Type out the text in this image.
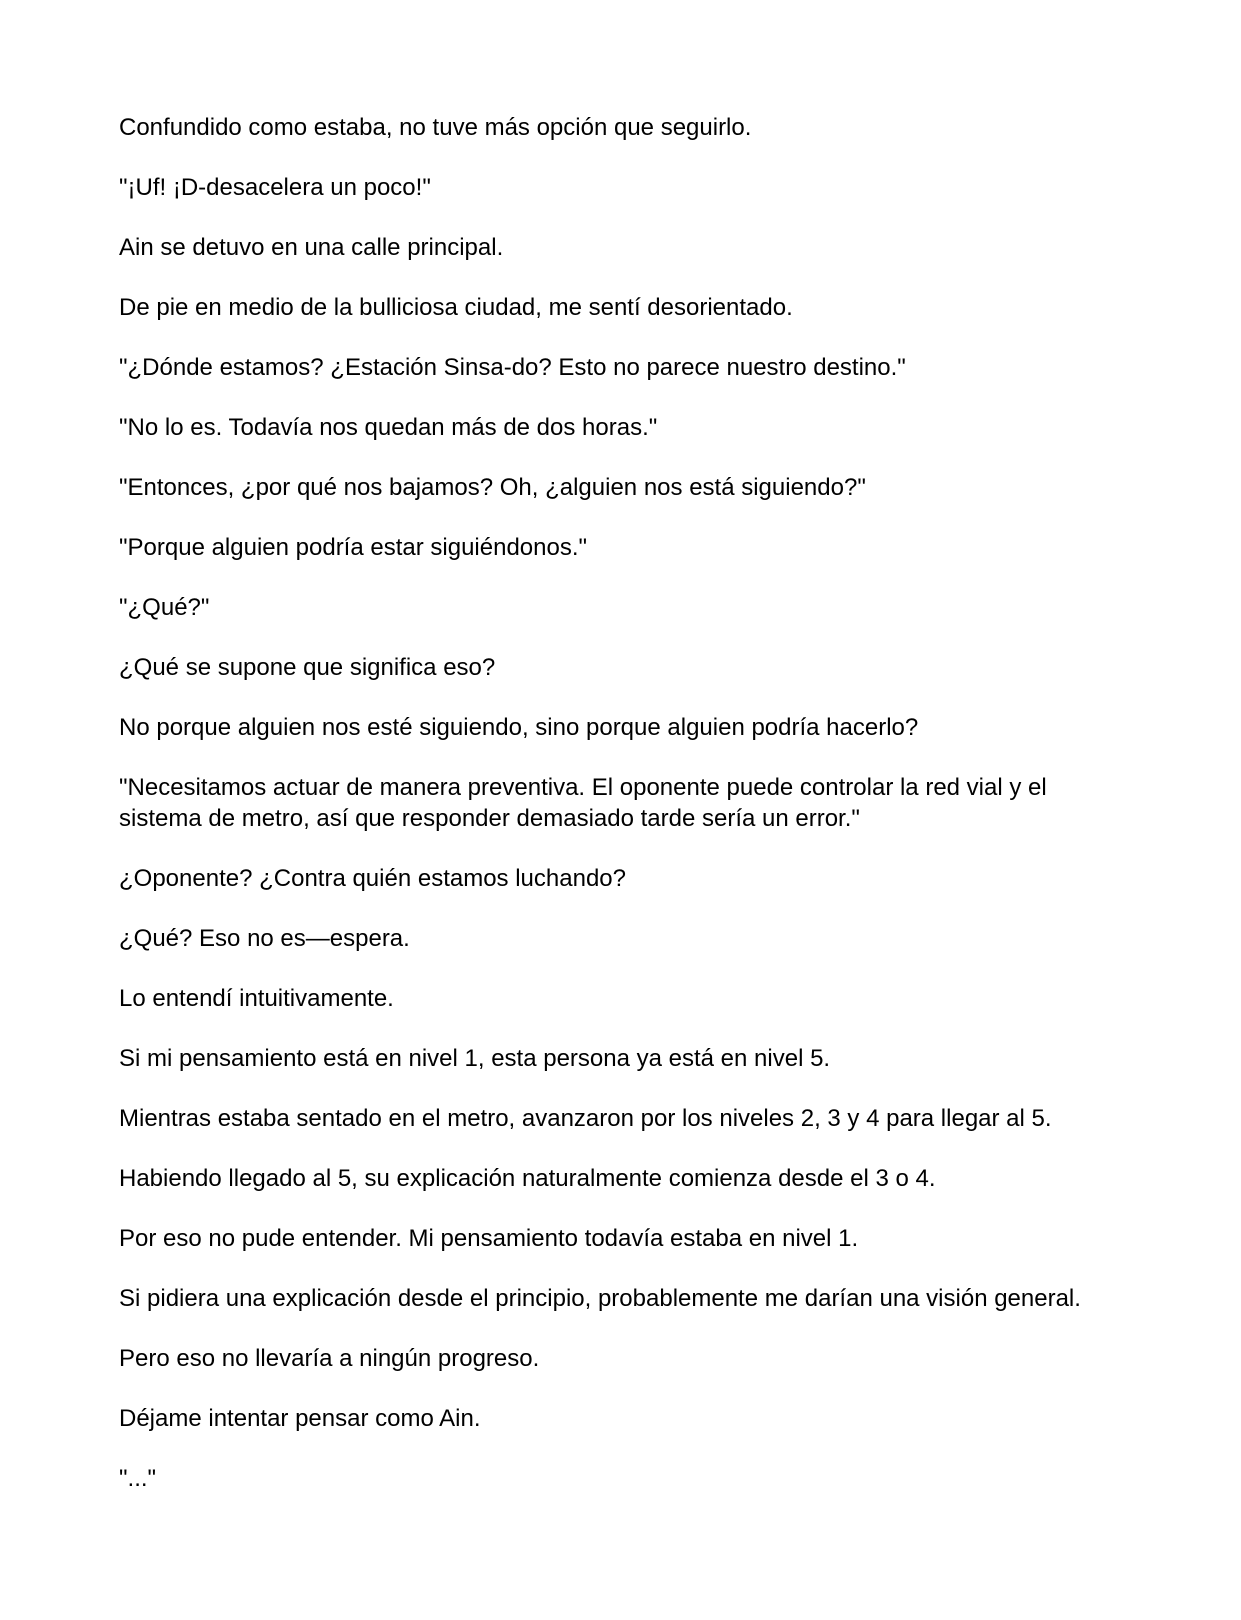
Confundido como estaba, no tuve más opción que seguirlo.

"¡Uf! ¡D-desacelera un poco!"

Ain se detuvo en una calle principal.

De pie en medio de la bulliciosa ciudad, me sentí desorientado.

"¿Dónde estamos? ¿Estación Sinsa-do? Esto no parece nuestro destino."

"No lo es. Todavía nos quedan más de dos horas."

"Entonces, ¿por qué nos bajamos? Oh, ¿alguien nos está siguiendo?"

"Porque alguien podría estar siguiéndonos."

"¿Qué?"

¿Qué se supone que significa eso?

No porque alguien nos esté siguiendo, sino porque alguien podría hacerlo?

"Necesitamos actuar de manera preventiva. El oponente puede controlar la red vial y el sistema de metro, así que responder demasiado tarde sería un error."

¿Oponente? ¿Contra quién estamos luchando?

¿Qué? Eso no es—espera.

Lo entendí intuitivamente.

Si mi pensamiento está en nivel 1, esta persona ya está en nivel 5.

Mientras estaba sentado en el metro, avanzaron por los niveles 2, 3 y 4 para llegar al 5.

Habiendo llegado al 5, su explicación naturalmente comienza desde el 3 o 4.

Por eso no pude entender. Mi pensamiento todavía estaba en nivel 1.

Si pidiera una explicación desde el principio, probablemente me darían una visión general.

Pero eso no llevaría a ningún progreso.

Déjame intentar pensar como Ain.

"..."
